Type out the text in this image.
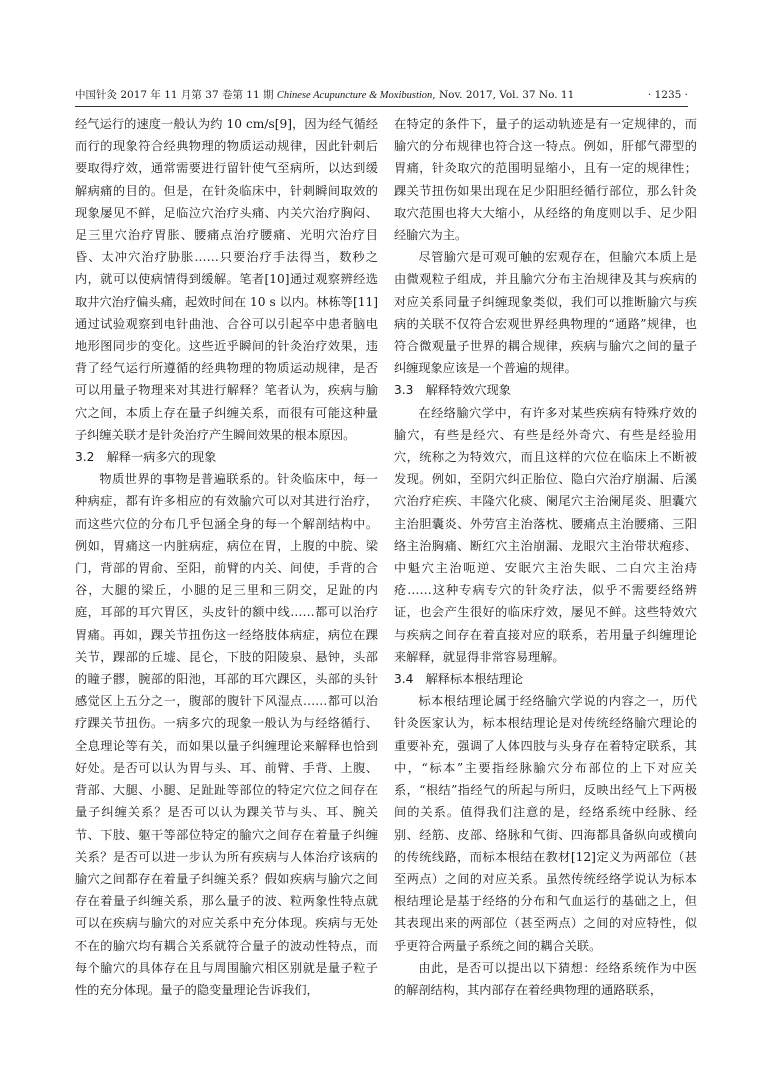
中国针灸 2017 年 11 月第 37 卷第 11 期 Chinese Acupuncture & Moxibustion, Nov. 2017, Vol. 37 No. 11	· 1235 ·

经气运行的速度一般认为约 10 cm/s[9]，因为经气循经而行的现象符合经典物理的物质运动规律，因此针刺后要取得疗效，通常需要进行留针使气至病所，以达到缓解病痛的目的。但是，在针灸临床中，针刺瞬间取效的现象屡见不鲜，足临泣穴治疗头痛、内关穴治疗胸闷、足三里穴治疗胃胀、腰痛点治疗腰痛、光明穴治疗目昏、太冲穴治疗胁胀……只要治疗手法得当，数秒之内，就可以使病情得到缓解。笔者[10]通过观察辨经选取井穴治疗偏头痛，起效时间在 10 s 以内。林栋等[11]通过试验观察到电针曲池、合谷可以引起卒中患者脑电地形图同步的变化。这些近乎瞬间的针灸治疗效果，违背了经气运行所遵循的经典物理的物质运动规律，是否可以用量子物理来对其进行解释？笔者认为，疾病与腧穴之间，本质上存在量子纠缠关系，而很有可能这种量子纠缠关联才是针灸治疗产生瞬间效果的根本原因。

3.2　解释一病多穴的现象

物质世界的事物是普遍联系的。针灸临床中，每一种病症，都有许多相应的有效腧穴可以对其进行治疗，而这些穴位的分布几乎包涵全身的每一个解剖结构中。例如，胃痛这一内脏病症，病位在胃，上腹的中脘、梁门，背部的胃俞、至阳，前臂的内关、间使，手背的合谷，大腿的梁丘，小腿的足三里和三阴交，足趾的内庭，耳部的耳穴胃区，头皮针的额中线……都可以治疗胃痛。再如，踝关节扭伤这一经络肢体病症，病位在踝关节，踝部的丘墟、昆仑，下肢的阳陵泉、悬钟，头部的瞳子髎，腕部的阳池，耳部的耳穴踝区，头部的头针感觉区上五分之一，腹部的腹针下风湿点……都可以治疗踝关节扭伤。一病多穴的现象一般认为与经络循行、全息理论等有关，而如果以量子纠缠理论来解释也恰到好处。是否可以认为胃与头、耳、前臂、手背、上腹、背部、大腿、小腿、足趾趾等部位的特定穴位之间存在量子纠缠关系？是否可以认为踝关节与头、耳、腕关节、下肢、躯干等部位特定的腧穴之间存在着量子纠缠关系？是否可以进一步认为所有疾病与人体治疗该病的腧穴之间都存在着量子纠缠关系？假如疾病与腧穴之间存在着量子纠缠关系，那么量子的波、粒两象性特点就可以在疾病与腧穴的对应关系中充分体现。疾病与无处不在的腧穴均有耦合关系就符合量子的波动性特点，而每个腧穴的具体存在且与周围腧穴相区别就是量子粒子性的充分体现。量子的隐变量理论告诉我们，

在特定的条件下，量子的运动轨迹是有一定规律的，而腧穴的分布规律也符合这一特点。例如，肝郁气滞型的胃痛，针灸取穴的范围明显缩小，且有一定的规律性；踝关节扭伤如果出现在足少阳胆经循行部位，那么针灸取穴范围也将大大缩小，从经络的角度则以手、足少阳经腧穴为主。

尽管腧穴是可观可触的宏观存在，但腧穴本质上是由微观粒子组成，并且腧穴分布主治规律及其与疾病的对应关系同量子纠缠现象类似，我们可以推断腧穴与疾病的关联不仅符合宏观世界经典物理的“通路”规律，也符合微观量子世界的耦合规律，疾病与腧穴之间的量子纠缠现象应该是一个普遍的规律。

3.3　解释特效穴现象

在经络腧穴学中，有许多对某些疾病有特殊疗效的腧穴，有些是经穴、有些是经外奇穴、有些是经验用穴，统称之为特效穴，而且这样的穴位在临床上不断被发现。例如，至阴穴纠正胎位、隐白穴治疗崩漏、后溪穴治疗疟疾、丰隆穴化痰、阑尾穴主治阑尾炎、胆囊穴主治胆囊炎、外劳宫主治落枕、腰痛点主治腰痛、三阳络主治胸痛、断红穴主治崩漏、龙眼穴主治带状疱疹、中魁穴主治呃逆、安眠穴主治失眠、二白穴主治痔疮……这种专病专穴的针灸疗法，似乎不需要经络辨证，也会产生很好的临床疗效，屡见不鲜。这些特效穴与疾病之间存在着直接对应的联系，若用量子纠缠理论来解释，就显得非常容易理解。

3.4　解释标本根结理论

标本根结理论属于经络腧穴学说的内容之一，历代针灸医家认为，标本根结理论是对传统经络腧穴理论的重要补充，强调了人体四肢与头身存在着特定联系，其中，“标本”主要指经脉腧穴分布部位的上下对应关系，“根结”指经气的所起与所归，反映出经气上下两极间的关系。值得我们注意的是，经络系统中经脉、经别、经筋、皮部、络脉和气街、四海都具备纵向或横向的传统线路，而标本根结在教材[12]定义为两部位（甚至两点）之间的对应关系。虽然传统经络学说认为标本根结理论是基于经络的分布和气血运行的基础之上，但其表现出来的两部位（甚至两点）之间的对应特性，似乎更符合两量子系统之间的耦合关联。

由此，是否可以提出以下猜想：经络系统作为中医的解剖结构，其内部存在着经典物理的通路联系，
